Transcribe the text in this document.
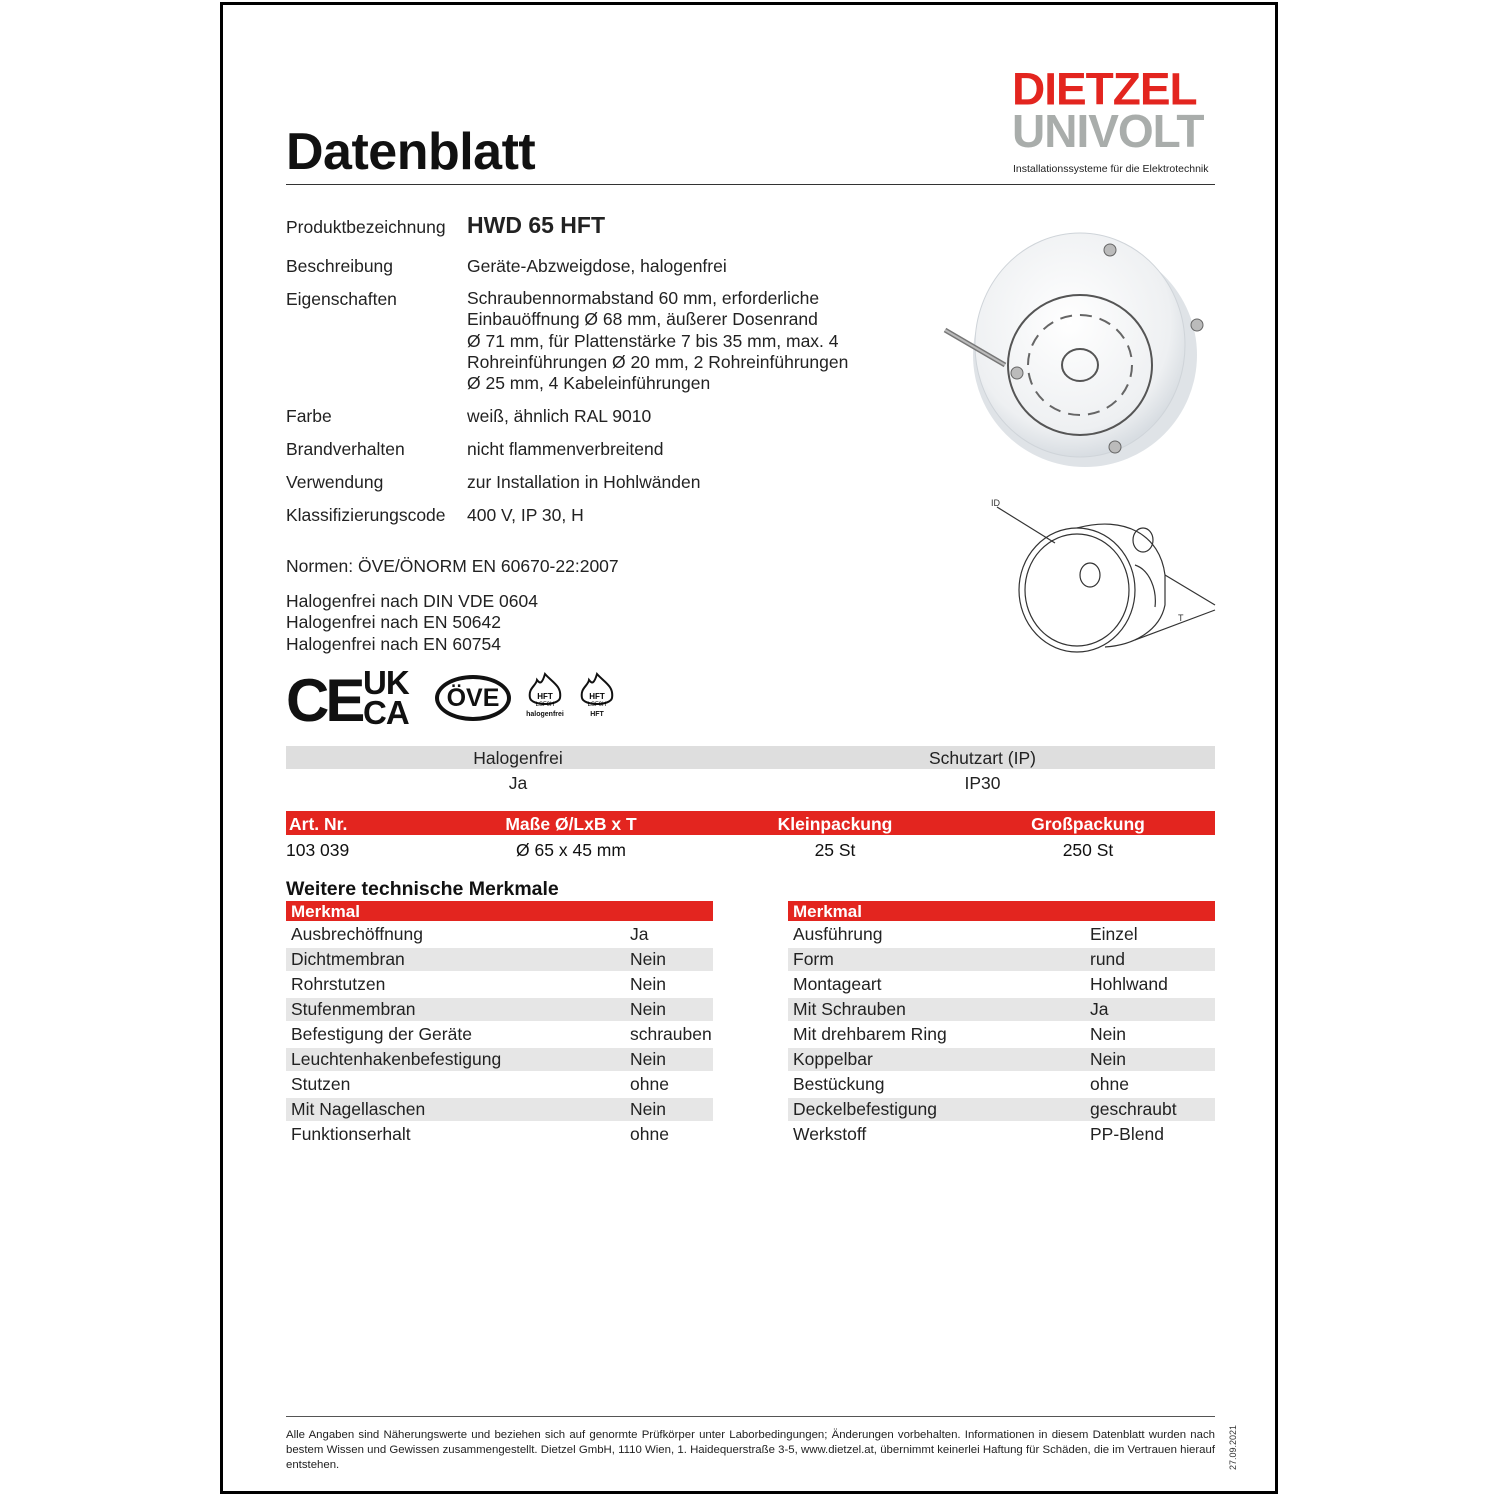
Datenblatt
DIETZEL
UNIVOLT
Installationssysteme für die Elektrotechnik
Produktbezeichnung HWD 65 HFT
Beschreibung	Geräte-Abzweigdose, halogenfrei
Eigenschaften	Schraubennormabstand 60 mm, erforderliche
Einbauöffnung Ø 68 mm, äußerer Dosenrand
Ø 71 mm, für Plattenstärke 7 bis 35 mm, max. 4
Rohreinführungen Ø 20 mm, 2 Rohreinführungen
Ø 25 mm, 4 Kabeleinführungen
Farbe	weiß, ähnlich RAL 9010
Brandverhalten	nicht flammenverbreitend
Verwendung	zur Installation in Hohlwänden
Klassifizierungscode 400 V, IP 30, H
Normen: ÖVE/ÖNORM EN 60670-22:2007
Halogenfrei nach DIN VDE 0604
Halogenfrei nach EN 50642
Halogenfrei nach EN 60754
ID
T
CE UK
CA	ÖVE	HFT
LSF0H
halogenfrei
HFT
LSF0H
HFT
Halogenfrei	Schutzart (IP)
Ja	IP30
Art. Nr.	Maße Ø/LxB x T	Kleinpackung	Großpackung
103 039	Ø 65 x 45 mm	25 St	250 St
Weitere technische Merkmale
Merkmal	Merkmal
Ausbrechöffnung	Ja
Dichtmembran	Nein
Rohrstutzen	Nein
Stufenmembran	Nein
Befestigung der Geräte	schrauben
Leuchtenhakenbefestigung	Nein
Stutzen	ohne
Mit Nagellaschen	Nein
Funktionserhalt	ohne
Ausführung	Einzel
Form	rund
Montageart	Hohlwand
Mit Schrauben	Ja
Mit drehbarem Ring	Nein
Koppelbar	Nein
Bestückung	ohne
Deckelbefestigung	geschraubt
Werkstoff	PP-Blend
Alle Angaben sind Näherungswerte und beziehen sich auf genormte Prüfkörper unter Laborbedingungen; Änderungen vorbehalten. Informationen in diesem Datenblatt wurden nach bestem Wissen und Gewissen zusammengestellt. Dietzel GmbH, 1110 Wien, 1. Haidequerstraße 3-5, www.dietzel.at, übernimmt keinerlei Haftung für Schäden, die im Vertrauen hierauf entstehen.	27.09.2021
